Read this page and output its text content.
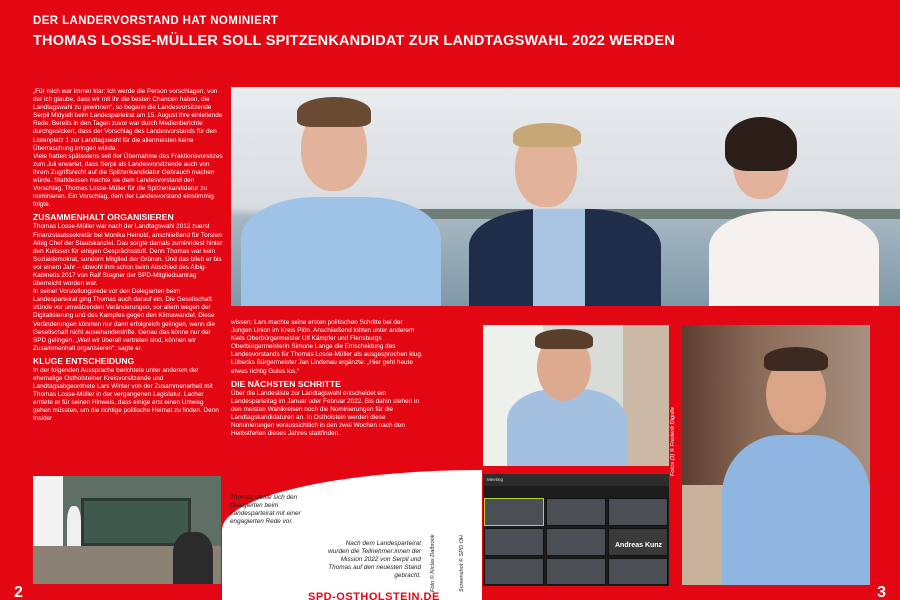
DER LANDERVORSTAND HAT NOMINIERT
THOMAS LOSSE-MÜLLER SOLL SPITZENKANDIDAT ZUR LANDTAGSWAHL 2022 WERDEN

„Für mich war immer klar: Ich werde die Person vorschlagen, von der ich glaube, dass wir mit ihr die besten Chancen haben, die Landtagswahl zu gewinnen“, so begann die Landesvorsitzende Serpil Midyatli beim Landesparteirat am 15. August ihre einleitende Rede. Bereits in den Tagen zuvor war durch Medienberichte durchgesickert, dass der Vorschlag des Landesvorstands für den Listenplatz 1 zur Landtagswahl für die allermeisten keine Überraschung bringen würde.

Viele hatten spätestens seit der Übernahme des Fraktionsvorsitzes zum Juli erwartet, dass Serpil als Landesvorsitzende auch von ihrem Zugriffsrecht auf die Spitzenkandidatur Gebrauch machen würde. Stattdessen machte sie dem Landesvorstand den Vorschlag, Thomas Losse-Müller für die Spitzenkandidatur zu nominieren. Ein Vorschlag, dem der Landesvorstand einstimmig folgte.

ZUSAMMENHALT ORGANISIEREN

Thomas Losse-Müller war nach der Landtagswahl 2012 zuerst Finanzstaatssekretär bei Monika Heinold, anschließend für Torsten Albig Chef der Staatskanzlei. Das sorgte damals zuminndest hinter den Kulissen für einigen Gesprächsstoff. Denn Thomas war kein Sozialdemokrat, sondern Mitglied der Grünen. Und das blieb er bis vor einem Jahr – obwohl ihm schon beim Abschied des Albig-Kabinetts 2017 von Ralf Stegner der SPD-Mitgliedsantrag überreicht worden war.

In seiner Vorstellungsrede vor den Delegierten beim Landesparteirat ging Thomas auch darauf ein. Die Gesellschaft stünde vor umwälzenden Veränderungen, vor allem wegen der Digitalisierung und des Kampfes gegen den Klimawandel. Diese Veränderungen könnten nur dann erfolgreich gelingen, wenn die Gesellschaft nicht auseinanderdrifte. Genau das könne nur der SPD gelingen. „Weil wir überall vertreten sind, können wir Zusammenhalt organisieren“, sagte er.

KLUGE ENTSCHEIDUNG

In der folgenden Aussprache berichtete unter anderem der ehemalige Ostholsteiner Kreisvorsitzende und Landtagsabgeordnete Lars Winter von der Zusammenarbeit mit Thomas Losse-Müller in der vergangenen Legislatur. Lacher erntete er für seinen Hinweis, dass einige erst einen Umweg gehen müssten, um die richtige politische Heimat zu finden. Denn Insider

wissen: Lars machte seine ersten politischen Schritte bei der Jungen Union im Kreis Plön. Anschließend lobten unter anderem Kiels Oberbürgermeister Ulf Kämpfer und Flensburgs Oberbürgermeisterin Simone Lange die Entscheidung des Landesvorstands für Thomas Losse-Müller als ausgesprochen klug. Lübecks Bürgermeister Jan Lindenau ergänzte: „Hier geht heute etwas richtig Gutes los.“

DIE NÄCHSTEN SCHRITTE

Über die Landesliste zur Landtagswahl entscheidet ein Landesparteitag im Januar oder Februar 2022. Bis dahin stehen in den meisten Wahlkreisen noch die Nominierungen für die Landtagskandidaturen an. In Ostholstein werden diese Nominierungen voraussichtlich in den zwei Wochen nach den Herbstferien dieses Jahres stattfinden.

Thomas stellte sich den Delegierten beim Landesparteirat mit einer engagierten Rede vor.
Nach dem Landesparteirat wurden die Teilnehmer:innen der Mission 2022 von Serpil und Thomas auf den neuesten Stand gebracht. Foto © Niclas Dalbrook	Screenshot © SPD OH
Fotos (3) © Frederik Digulla
Meeting
Andreas Kunz
2	3
SPD-OSTHOLSTEIN.DE
